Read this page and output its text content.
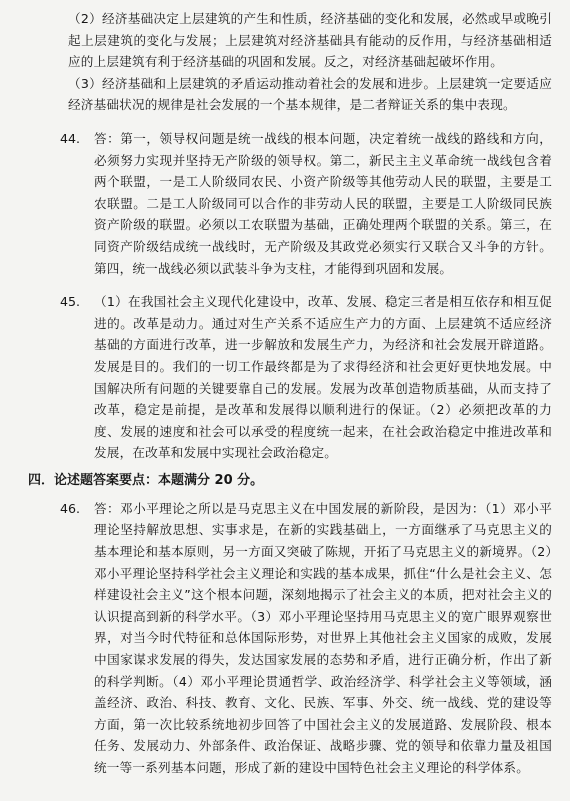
（2）经济基础决定上层建筑的产生和性质，经济基础的变化和发展，必然或早或晚引起上层建筑的变化与发展；上层建筑对经济基础具有能动的反作用，与经济基础相适应的上层建筑有利于经济基础的巩固和发展。反之，对经济基础起破坏作用。

（3）经济基础和上层建筑的矛盾运动推动着社会的发展和进步。上层建筑一定要适应经济基础状况的规律是社会发展的一个基本规律，是二者辩证关系的集中表现。

44. 答：第一，领导权问题是统一战线的根本问题，决定着统一战线的路线和方向，必须努力实现并坚持无产阶级的领导权。第二，新民主主义革命统一战线包含着两个联盟，一是工人阶级同农民、小资产阶级等其他劳动人民的联盟，主要是工农联盟。二是工人阶级同可以合作的非劳动人民的联盟，主要是工人阶级同民族资产阶级的联盟。必须以工农联盟为基础，正确处理两个联盟的关系。第三，在同资产阶级结成统一战线时，无产阶级及其政党必须实行又联合又斗争的方针。第四，统一战线必须以武装斗争为支柱，才能得到巩固和发展。

45. （1）在我国社会主义现代化建设中，改革、发展、稳定三者是相互依存和相互促进的。改革是动力。通过对生产关系不适应生产力的方面、上层建筑不适应经济基础的方面进行改革，进一步解放和发展生产力，为经济和社会发展开辟道路。发展是目的。我们的一切工作最终都是为了求得经济和社会更好更快地发展。中国解决所有问题的关键要靠自己的发展。发展为改革创造物质基础，从而支持了改革，稳定是前提，是改革和发展得以顺利进行的保证。（2）必须把改革的力度、发展的速度和社会可以承受的程度统一起来，在社会政治稳定中推进改革和发展，在改革和发展中实现社会政治稳定。

四．论述题答案要点：本题满分 20 分。

46. 答：邓小平理论之所以是马克思主义在中国发展的新阶段，是因为：（1）邓小平理论坚持解放思想、实事求是，在新的实践基础上，一方面继承了马克思主义的基本理论和基本原则，另一方面又突破了陈规，开拓了马克思主义的新境界。（2）邓小平理论坚持科学社会主义理论和实践的基本成果，抓住“什么是社会主义、怎样建设社会主义”这个根本问题，深刻地揭示了社会主义的本质，把对社会主义的认识提高到新的科学水平。（3）邓小平理论坚持用马克思主义的宽广眼界观察世界，对当今时代特征和总体国际形势，对世界上其他社会主义国家的成败，发展中国家谋求发展的得失，发达国家发展的态势和矛盾，进行正确分析，作出了新的科学判断。（4）邓小平理论贯通哲学、政治经济学、科学社会主义等领域，涵盖经济、政治、科技、教育、文化、民族、军事、外交、统一战线、党的建设等方面，第一次比较系统地初步回答了中国社会主义的发展道路、发展阶段、根本任务、发展动力、外部条件、政治保证、战略步骤、党的领导和依靠力量及祖国统一等一系列基本问题，形成了新的建设中国特色社会主义理论的科学体系。
